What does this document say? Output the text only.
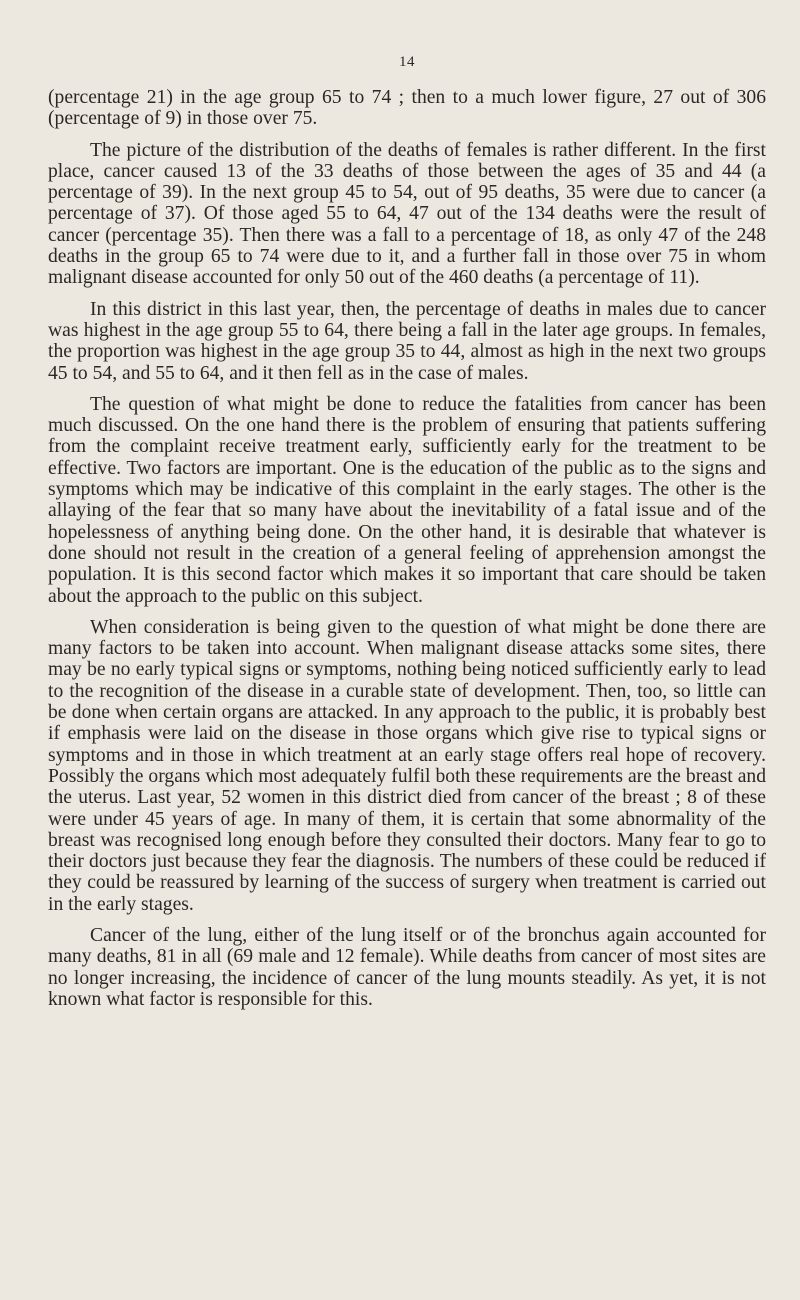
14

(percentage 21) in the age group 65 to 74 ; then to a much lower figure, 27 out of 306 (percentage of 9) in those over 75.

The picture of the distribution of the deaths of females is rather different. In the first place, cancer caused 13 of the 33 deaths of those between the ages of 35 and 44 (a percentage of 39). In the next group 45 to 54, out of 95 deaths, 35 were due to cancer (a percentage of 37). Of those aged 55 to 64, 47 out of the 134 deaths were the result of cancer (percentage 35). Then there was a fall to a percentage of 18, as only 47 of the 248 deaths in the group 65 to 74 were due to it, and a further fall in those over 75 in whom malignant disease accounted for only 50 out of the 460 deaths (a percentage of 11).

In this district in this last year, then, the percentage of deaths in males due to cancer was highest in the age group 55 to 64, there being a fall in the later age groups. In females, the proportion was highest in the age group 35 to 44, almost as high in the next two groups 45 to 54, and 55 to 64, and it then fell as in the case of males.

The question of what might be done to reduce the fatalities from cancer has been much discussed. On the one hand there is the problem of ensuring that patients suffering from the complaint receive treatment early, sufficiently early for the treatment to be effective. Two factors are important. One is the education of the public as to the signs and symptoms which may be indicative of this complaint in the early stages. The other is the allaying of the fear that so many have about the inevitability of a fatal issue and of the hopelessness of anything being done. On the other hand, it is desirable that whatever is done should not result in the creation of a general feeling of apprehension amongst the population. It is this second factor which makes it so important that care should be taken about the approach to the public on this subject.

When consideration is being given to the question of what might be done there are many factors to be taken into account. When malignant disease attacks some sites, there may be no early typical signs or symptoms, nothing being noticed sufficiently early to lead to the recognition of the disease in a curable state of development. Then, too, so little can be done when certain organs are attacked. In any approach to the public, it is probably best if emphasis were laid on the disease in those organs which give rise to typical signs or symptoms and in those in which treatment at an early stage offers real hope of recovery. Possibly the organs which most adequately fulfil both these requirements are the breast and the uterus. Last year, 52 women in this district died from cancer of the breast ; 8 of these were under 45 years of age. In many of them, it is certain that some abnormality of the breast was recognised long enough before they consulted their doctors. Many fear to go to their doctors just because they fear the diagnosis. The numbers of these could be reduced if they could be reassured by learning of the success of surgery when treatment is carried out in the early stages.

Cancer of the lung, either of the lung itself or of the bronchus again accounted for many deaths, 81 in all (69 male and 12 female). While deaths from cancer of most sites are no longer increasing, the incidence of cancer of the lung mounts steadily. As yet, it is not known what factor is responsible for this.
